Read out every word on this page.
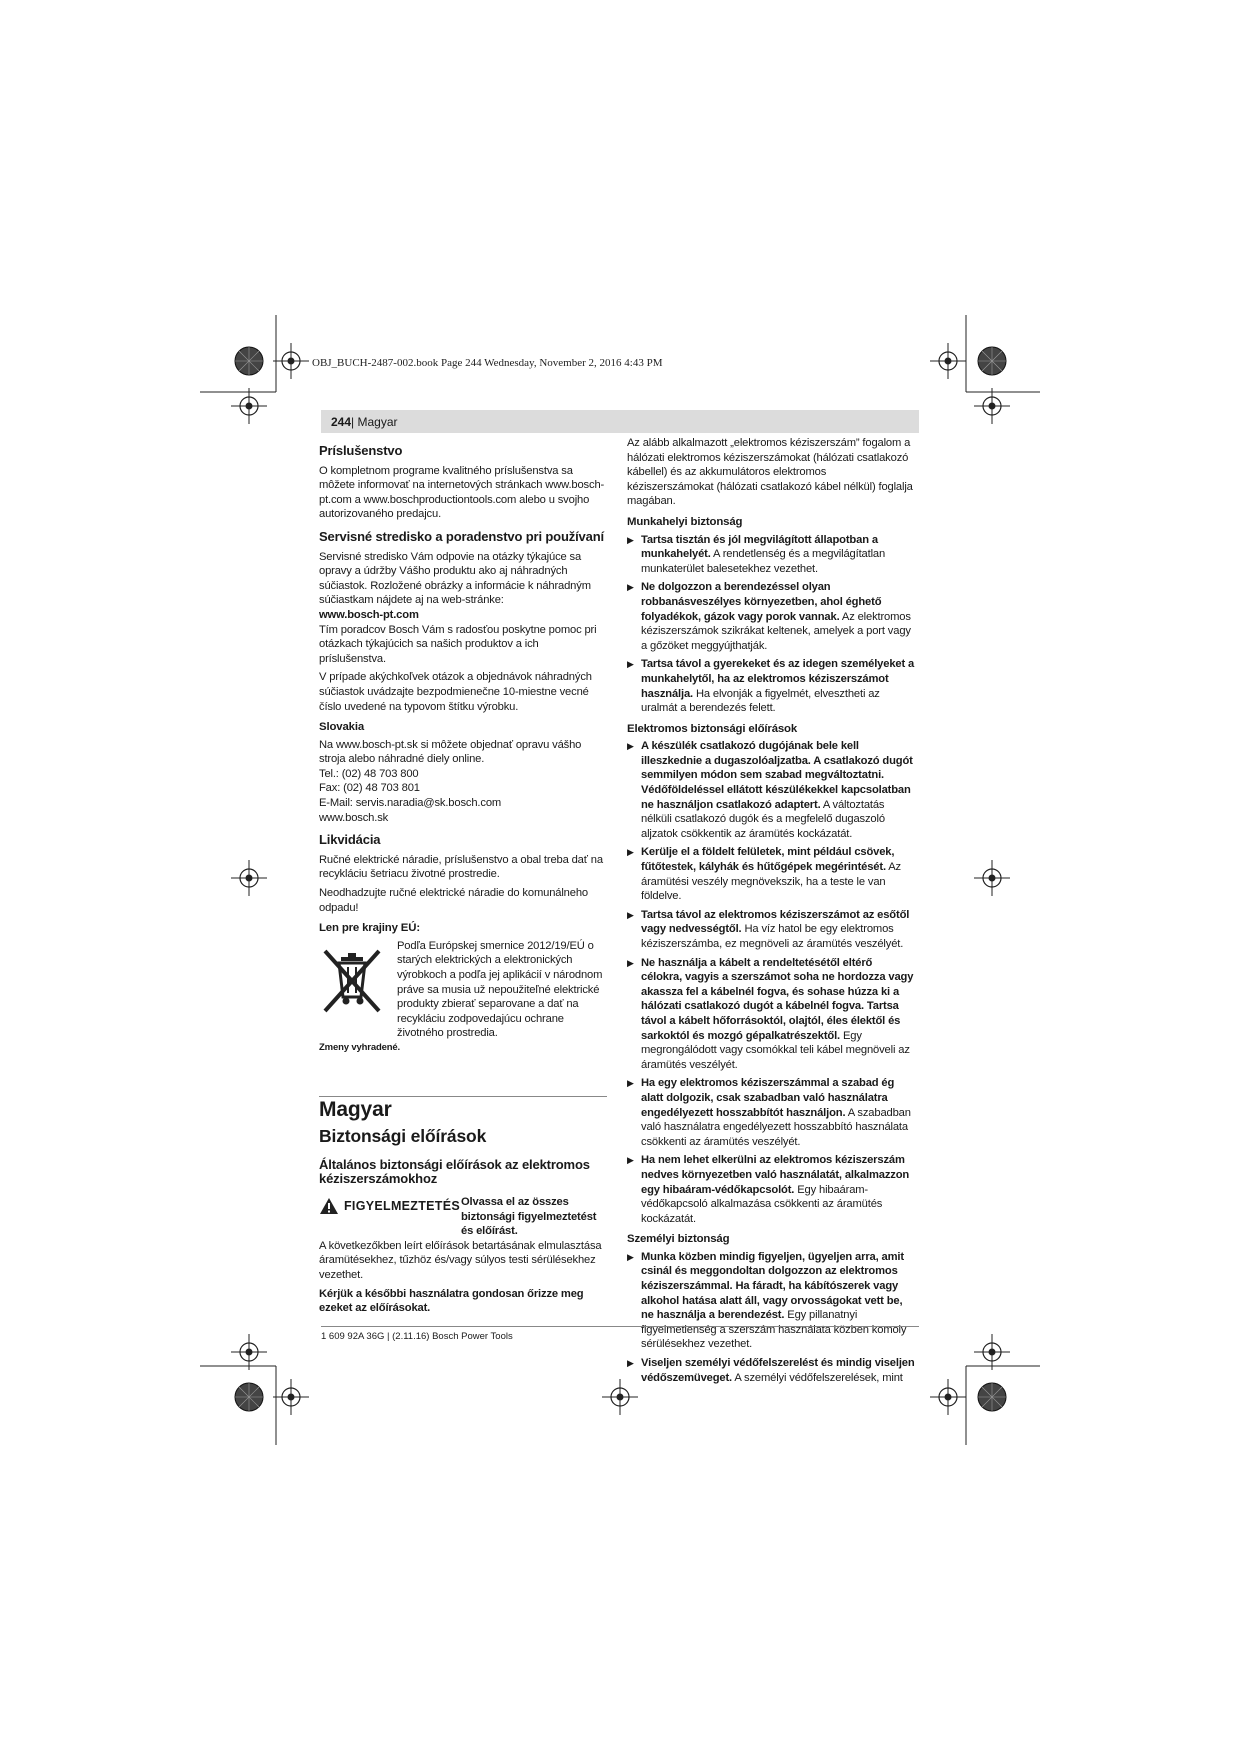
OBJ_BUCH-2487-002.book Page 244 Wednesday, November 2, 2016 4:43 PM
244 | Magyar
Príslušenstvo

O kompletnom programe kvalitného príslušenstva sa môžete informovať na internetových stránkach www.bosch-pt.com a www.boschproductiontools.com alebo u svojho autorizovaného predajcu.

Servisné stredisko a poradenstvo pri používaní

Servisné stredisko Vám odpovie na otázky týkajúce sa opravy a údržby Vášho produktu ako aj náhradných súčiastok. Rozložené obrázky a informácie k náhradným súčiastkam nájdete aj na web-stránke:

www.bosch-pt.com

Tím poradcov Bosch Vám s radosťou poskytne pomoc pri otázkach týkajúcich sa našich produktov a ich príslušenstva.

V prípade akýchkoľvek otázok a objednávok náhradných súčiastok uvádzajte bezpodmienečne 10-miestne vecné číslo uvedené na typovom štítku výrobku.

Slovakia

Na www.bosch-pt.sk si môžete objednať opravu vášho stroja alebo náhradné diely online.

Tel.: (02) 48 703 800

Fax: (02) 48 703 801

E-Mail: servis.naradia@sk.bosch.com

www.bosch.sk

Likvidácia

Ručné elektrické náradie, príslušenstvo a obal treba dať na recykláciu šetriacu životné prostredie.

Neodhadzujte ručné elektrické náradie do komunálneho odpadu!

Len pre krajiny EÚ:
Podľa Európskej smernice 2012/19/EÚ o starých elektrických a elektronických výrobkoch a podľa jej aplikácií v národnom práve sa musia už nepoužiteľné elektrické produkty zbierať separovane a dať na recykláciu zodpovedajúcu ochrane životného prostredia.

Zmeny vyhradené.

Magyar
Biztonsági előírások
Általános biztonsági előírások az elektromos kéziszerszámokhoz
FIGYELMEZTETÉS Olvassa el az összes biztonsági figyelmeztetést és előírást.

A következőkben leírt előírások betartásának elmulasztása áramütésekhez, tűzhöz és/vagy súlyos testi sérülésekhez vezethet.

Kérjük a későbbi használatra gondosan őrizze meg ezeket az előírásokat.

Az alább alkalmazott „elektromos kéziszerszám” fogalom a hálózati elektromos kéziszerszámokat (hálózati csatlakozó kábellel) és az akkumulátoros elektromos kéziszerszámokat (hálózati csatlakozó kábel nélkül) foglalja magában.

Munkahelyi biztonság

▶ Tartsa tisztán és jól megvilágított állapotban a munkahelyét. A rendetlenség és a megvilágítatlan munkaterület balesetekhez vezethet.

▶ Ne dolgozzon a berendezéssel olyan robbanásveszélyes környezetben, ahol éghető folyadékok, gázok vagy porok vannak. Az elektromos kéziszerszámok szikrákat keltenek, amelyek a port vagy a gőzöket meggyújthatják.

▶ Tartsa távol a gyerekeket és az idegen személyeket a munkahelytől, ha az elektromos kéziszerszámot használja. Ha elvonják a figyelmét, elvesztheti az uralmát a berendezés felett.

Elektromos biztonsági előírások

▶ A készülék csatlakozó dugójának bele kell illeszkednie a dugaszolóaljzatba. A csatlakozó dugót semmilyen módon sem szabad megváltoztatni. Védőföldeléssel ellátott készülékekkel kapcsolatban ne használjon csatlakozó adaptert. A változtatás nélküli csatlakozó dugók és a megfelelő dugaszoló aljzatok csökkentik az áramütés kockázatát.

▶ Kerülje el a földelt felületek, mint például csövek, fűtőtestek, kályhák és hűtőgépek megérintését. Az áramütési veszély megnövekszik, ha a teste le van földelve.

▶ Tartsa távol az elektromos kéziszerszámot az esőtől vagy nedvességtől. Ha víz hatol be egy elektromos kéziszerszámba, ez megnöveli az áramütés veszélyét.

▶ Ne használja a kábelt a rendeltetésétől eltérő célokra, vagyis a szerszámot soha ne hordozza vagy akassza fel a kábelnél fogva, és sohase húzza ki a hálózati csatlakozó dugót a kábelnél fogva. Tartsa távol a kábelt hőforrásoktól, olajtól, éles élektől és sarkoktól és mozgó gépalkatrészektől. Egy megrongálódott vagy csomókkal teli kábel megnöveli az áramütés veszélyét.

▶ Ha egy elektromos kéziszerszámmal a szabad ég alatt dolgozik, csak szabadban való használatra engedélyezett hosszabbítót használjon. A szabadban való használatra engedélyezett hosszabbító használata csökkenti az áramütés veszélyét.

▶ Ha nem lehet elkerülni az elektromos kéziszerszám nedves környezetben való használatát, alkalmazzon egy hibaáram-védőkapcsolót. Egy hibaáram-védőkapcsoló alkalmazása csökkenti az áramütés kockázatát.

Személyi biztonság

▶ Munka közben mindig figyeljen, ügyeljen arra, amit csinál és meggondoltan dolgozzon az elektromos kéziszerszámmal. Ha fáradt, ha kábítószerek vagy alkohol hatása alatt áll, vagy orvosságokat vett be, ne használja a berendezést. Egy pillanatnyi figyelmetlenség a szerszám használata közben komoly sérülésekhez vezethet.

▶ Viseljen személyi védőfelszerelést és mindig viseljen védőszemüveget. A személyi védőfelszerelések, mint

1 609 92A 36G | (2.11.16) Bosch Power Tools
